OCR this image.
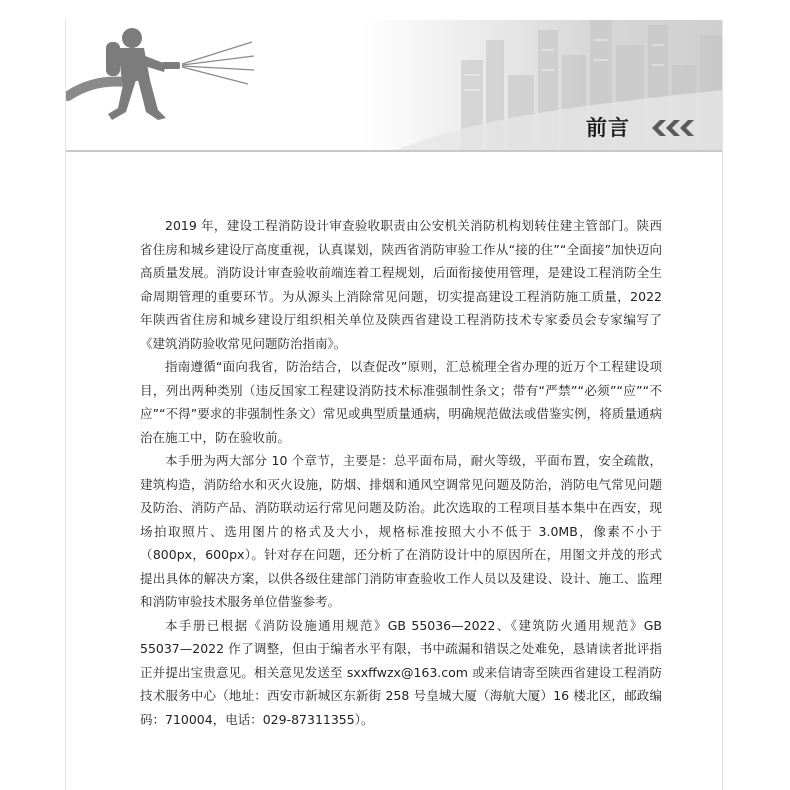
前言

2019 年，建设工程消防设计审查验收职责由公安机关消防机构划转住建主管部门。陕西省住房和城乡建设厅高度重视，认真谋划，陕西省消防审验工作从“接的住”“全面接”加快迈向高质量发展。消防设计审查验收前端连着工程规划，后面衔接使用管理，是建设工程消防全生命周期管理的重要环节。为从源头上消除常见问题，切实提高建设工程消防施工质量，2022 年陕西省住房和城乡建设厅组织相关单位及陕西省建设工程消防技术专家委员会专家编写了《建筑消防验收常见问题防治指南》。

指南遵循“面向我省，防治结合，以查促改”原则，汇总梳理全省办理的近万个工程建设项目，列出两种类别（违反国家工程建设消防技术标准强制性条文；带有“严禁”“必须”“应”“不应”“不得”要求的非强制性条文）常见或典型质量通病，明确规范做法或借鉴实例，将质量通病治在施工中，防在验收前。

本手册为两大部分 10 个章节，主要是：总平面布局，耐火等级，平面布置，安全疏散，建筑构造，消防给水和灭火设施，防烟、排烟和通风空调常见问题及防治，消防电气常见问题及防治、消防产品、消防联动运行常见问题及防治。此次选取的工程项目基本集中在西安，现场拍取照片、选用图片的格式及大小，规格标准按照大小不低于 3.0MB，像素不小于（800px，600px）。针对存在问题，还分析了在消防设计中的原因所在，用图文并茂的形式提出具体的解决方案，以供各级住建部门消防审查验收工作人员以及建设、设计、施工、监理和消防审验技术服务单位借鉴参考。

本手册已根据《消防设施通用规范》GB 55036—2022、《建筑防火通用规范》GB 55037—2022 作了调整，但由于编者水平有限，书中疏漏和错误之处难免，恳请读者批评指正并提出宝贵意见。相关意见发送至 sxxffwzx@163.com 或来信请寄至陕西省建设工程消防技术服务中心（地址：西安市新城区东新街 258 号皇城大厦（海航大厦）16 楼北区，邮政编码：710004，电话：029-87311355）。
